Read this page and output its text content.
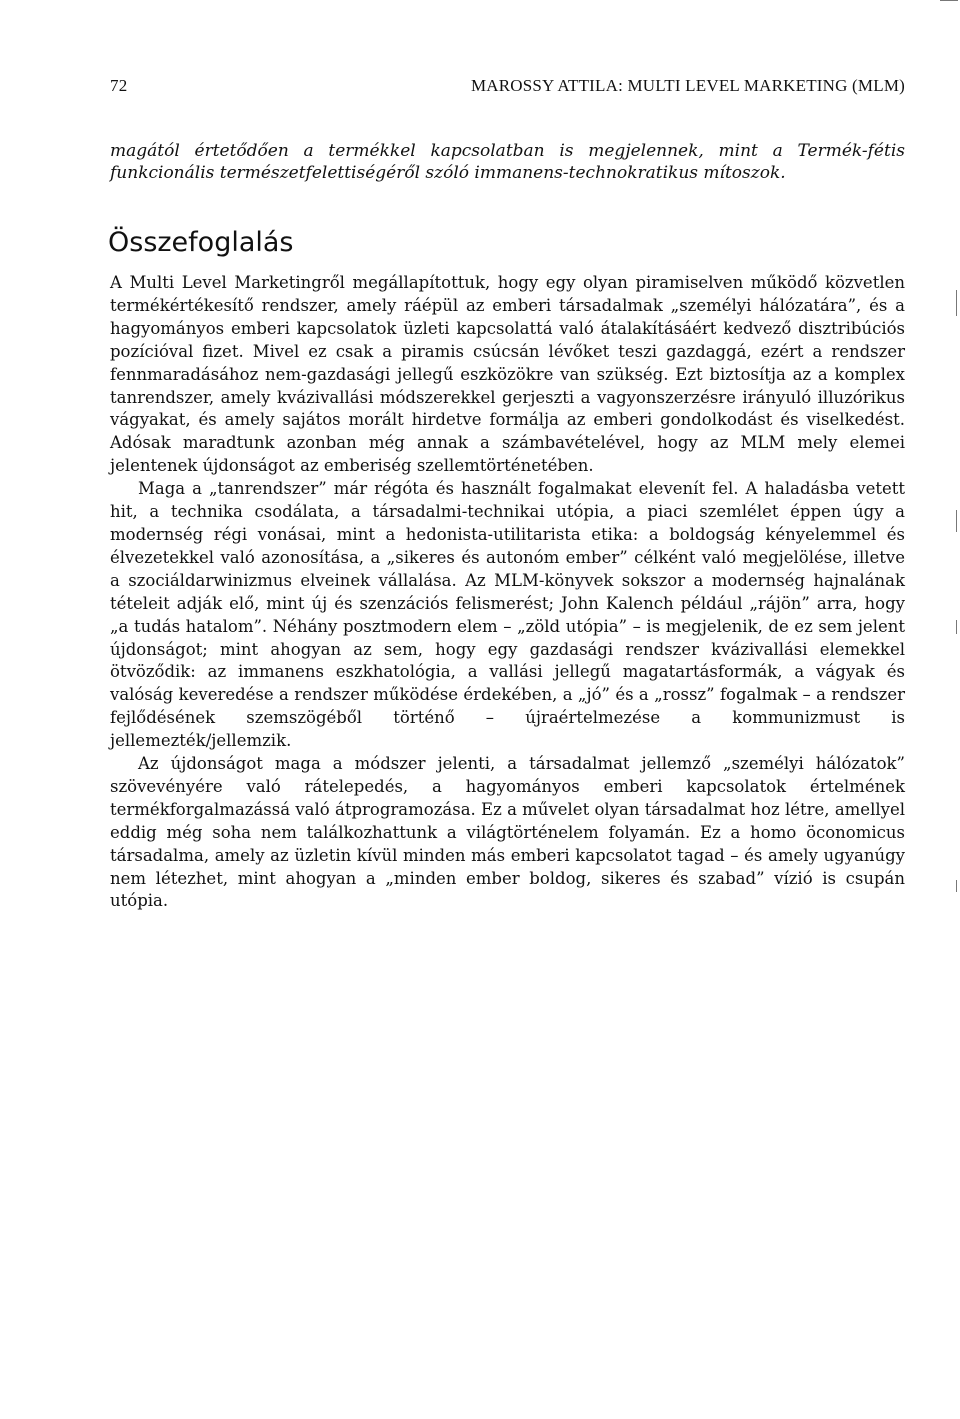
72	MAROSSY ATTILA: MULTI LEVEL MARKETING (MLM)

magától értetődően a termékkel kapcsolatban is megjelennek, mint a Termék-fétis funkcionális természetfelettiségéről szóló immanens-technokratikus mítoszok.

Összefoglalás

A Multi Level Marketingről megállapítottuk, hogy egy olyan piramiselven működő közvetlen termékértékesítő rendszer, amely ráépül az emberi társadalmak „személyi hálózatára”, és a hagyományos emberi kapcsolatok üzleti kapcsolattá való átalakításáért kedvező disztribúciós pozícióval fizet. Mivel ez csak a piramis csúcsán lévőket teszi gazdaggá, ezért a rendszer fennmaradásához nem-gazdasági jellegű eszközökre van szükség. Ezt biztosítja az a komplex tanrendszer, amely kvázivallási módszerekkel gerjeszti a vagyonszerzésre irányuló illuzórikus vágyakat, és amely sajátos morált hirdetve formálja az emberi gondolkodást és viselkedést. Adósak maradtunk azonban még annak a számbavételével, hogy az MLM mely elemei jelentenek újdonságot az emberiség szellemtörténetében.

Maga a „tanrendszer” már régóta és használt fogalmakat elevenít fel. A haladásba vetett hit, a technika csodálata, a társadalmi-technikai utópia, a piaci szemlélet éppen úgy a modernség régi vonásai, mint a hedonista-utilitarista etika: a boldogság kényelemmel és élvezetekkel való azonosítása, a „sikeres és autonóm ember” célként való megjelölése, illetve a szociáldarwinizmus elveinek vállalása. Az MLM-könyvek sokszor a modernség hajnalának tételeit adják elő, mint új és szenzációs felismerést; John Kalench például „rájön” arra, hogy „a tudás hatalom”. Néhány posztmodern elem – „zöld utópia” – is megjelenik, de ez sem jelent újdonságot; mint ahogyan az sem, hogy egy gazdasági rendszer kvázivallási elemekkel ötvöződik: az immanens eszkhatológia, a vallási jellegű magatartásformák, a vágyak és valóság keveredése a rendszer működése érdekében, a „jó” és a „rossz” fogalmak – a rendszer fejlődésének szemszögéből történő – újraértelmezése a kommunizmust is jellemezték/jellemzik.

Az újdonságot maga a módszer jelenti, a társadalmat jellemző „személyi hálózatok” szövevényére való rátelepedés, a hagyományos emberi kapcsolatok értelmének termékforgalmazássá való átprogramozása. Ez a művelet olyan társadalmat hoz létre, amellyel eddig még soha nem találkozhattunk a világtörténelem folyamán. Ez a homo öconomicus társadalma, amely az üzletin kívül minden más emberi kapcsolatot tagad – és amely ugyanúgy nem létezhet, mint ahogyan a „minden ember boldog, sikeres és szabad” vízió is csupán utópia.
